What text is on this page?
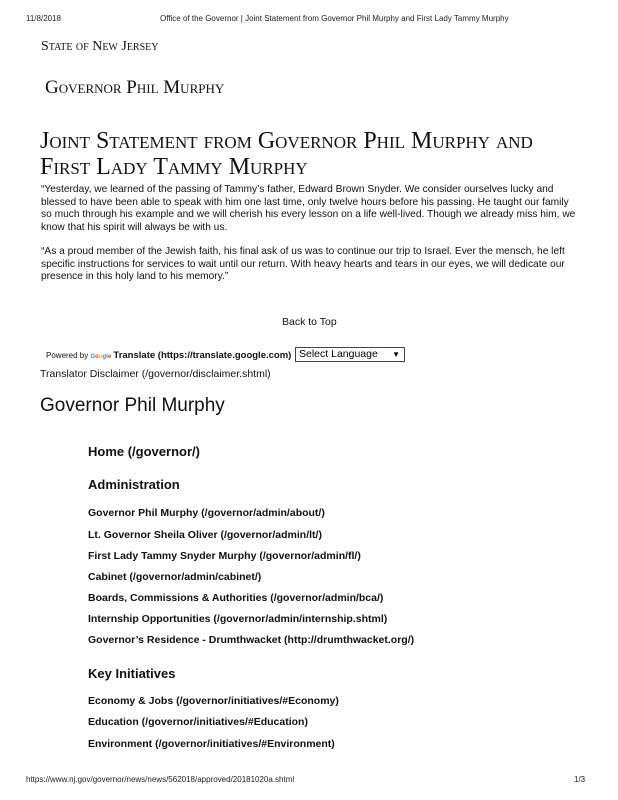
11/8/2018	Office of the Governor | Joint Statement from Governor Phil Murphy and First Lady Tammy Murphy
State of New Jersey
Governor Phil Murphy
Joint Statement from Governor Phil Murphy and
First Lady Tammy Murphy

“Yesterday, we learned of the passing of Tammy’s father, Edward Brown Snyder. We consider ourselves lucky and blessed to have been able to speak with him one last time, only twelve hours before his passing. He taught our family so much through his example and we will cherish his every lesson on a life well-lived. Though we already miss him, we know that his spirit will always be with us.

“As a proud member of the Jewish faith, his final ask of us was to continue our trip to Israel. Ever the mensch, he left specific instructions for services to wait until our return. With heavy hearts and tears in our eyes, we will dedicate our presence in this holy land to his memory.”

Back to Top
Powered by Google Translate (https://translate.google.com) Select Language ▼
Translator Disclaimer (/governor/disclaimer.shtml)
Governor Phil Murphy
Home (/governor/)
Administration
Governor Phil Murphy (/governor/admin/about/)
Lt. Governor Sheila Oliver (/governor/admin/lt/)
First Lady Tammy Snyder Murphy (/governor/admin/fl/)
Cabinet (/governor/admin/cabinet/)
Boards, Commissions & Authorities (/governor/admin/bca/)
Internship Opportunities (/governor/admin/internship.shtml)
Governor’s Residence - Drumthwacket (http://drumthwacket.org/)
Key Initiatives
Economy & Jobs (/governor/initiatives/#Economy)
Education (/governor/initiatives/#Education)
Environment (/governor/initiatives/#Environment)
https://www.nj.gov/governor/news/news/562018/approved/20181020a.shtml	1/3
